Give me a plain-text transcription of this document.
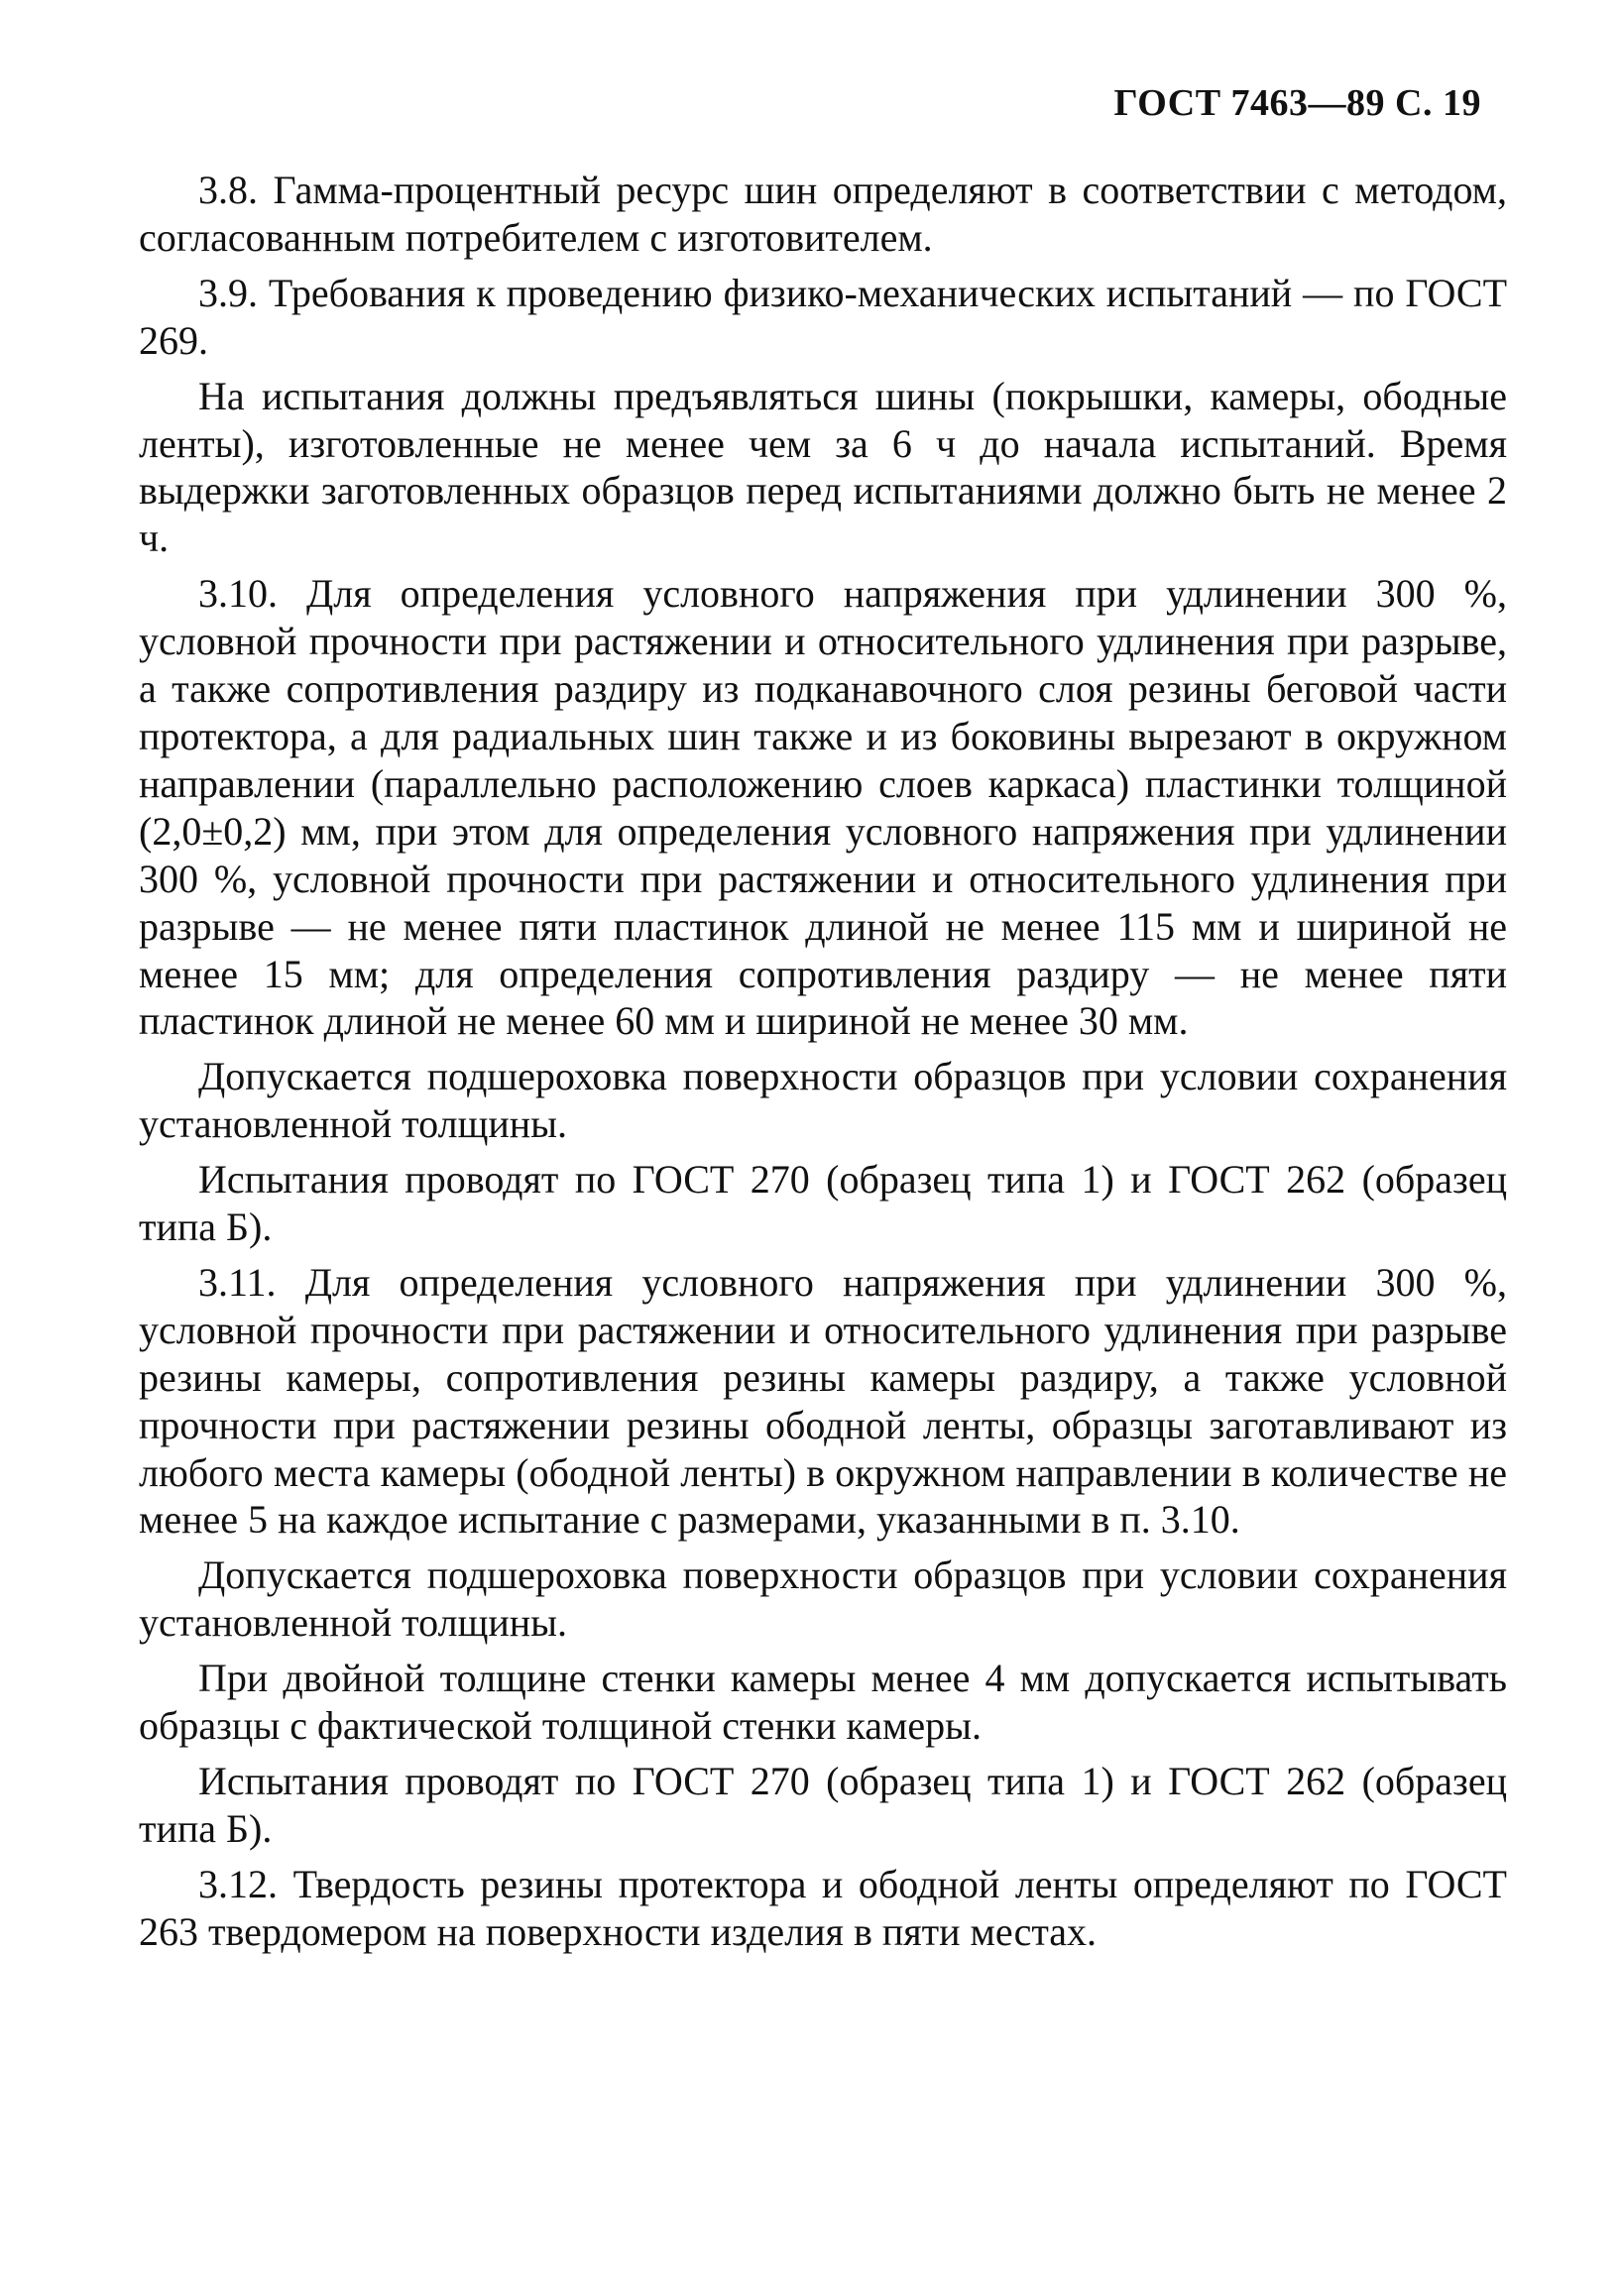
ГОСТ 7463—89 С. 19

3.8. Гамма-процентный ресурс шин определяют в соответствии с методом, согласованным потребителем с изготовителем.

3.9. Требования к проведению физико-механических испытаний — по ГОСТ 269.

На испытания должны предъявляться шины (покрышки, камеры, ободные ленты), изготовленные не менее чем за 6 ч до начала испытаний. Время выдержки заготовленных образцов перед испытаниями должно быть не менее 2 ч.

3.10. Для определения условного напряжения при удлинении 300 %, условной прочности при растяжении и относительного удлинения при разрыве, а также сопротивления раздиру из подканавочного слоя резины беговой части протектора, а для радиальных шин также и из боковины вырезают в окружном направлении (параллельно расположению слоев каркаса) пластинки толщиной (2,0±0,2) мм, при этом для определения условного напряжения при удлинении 300 %, условной прочности при растяжении и относительного удлинения при разрыве — не менее пяти пластинок длиной не менее 115 мм и шириной не менее 15 мм; для определения сопротивления раздиру — не менее пяти пластинок длиной не менее 60 мм и шириной не менее 30 мм.

Допускается подшероховка поверхности образцов при условии сохранения установленной толщины.

Испытания проводят по ГОСТ 270 (образец типа 1) и ГОСТ 262 (образец типа Б).

3.11. Для определения условного напряжения при удлинении 300 %, условной прочности при растяжении и относительного удлинения при разрыве резины камеры, сопротивления резины камеры раздиру, а также условной прочности при растяжении резины ободной ленты, образцы заготавливают из любого места камеры (ободной ленты) в окружном направлении в количестве не менее 5 на каждое испытание с размерами, указанными в п. 3.10.

Допускается подшероховка поверхности образцов при условии сохранения установленной толщины.

При двойной толщине стенки камеры менее 4 мм допускается испытывать образцы с фактической толщиной стенки камеры.

Испытания проводят по ГОСТ 270 (образец типа 1) и ГОСТ 262 (образец типа Б).

3.12. Твердость резины протектора и ободной ленты определяют по ГОСТ 263 твердомером на поверхности изделия в пяти местах.
